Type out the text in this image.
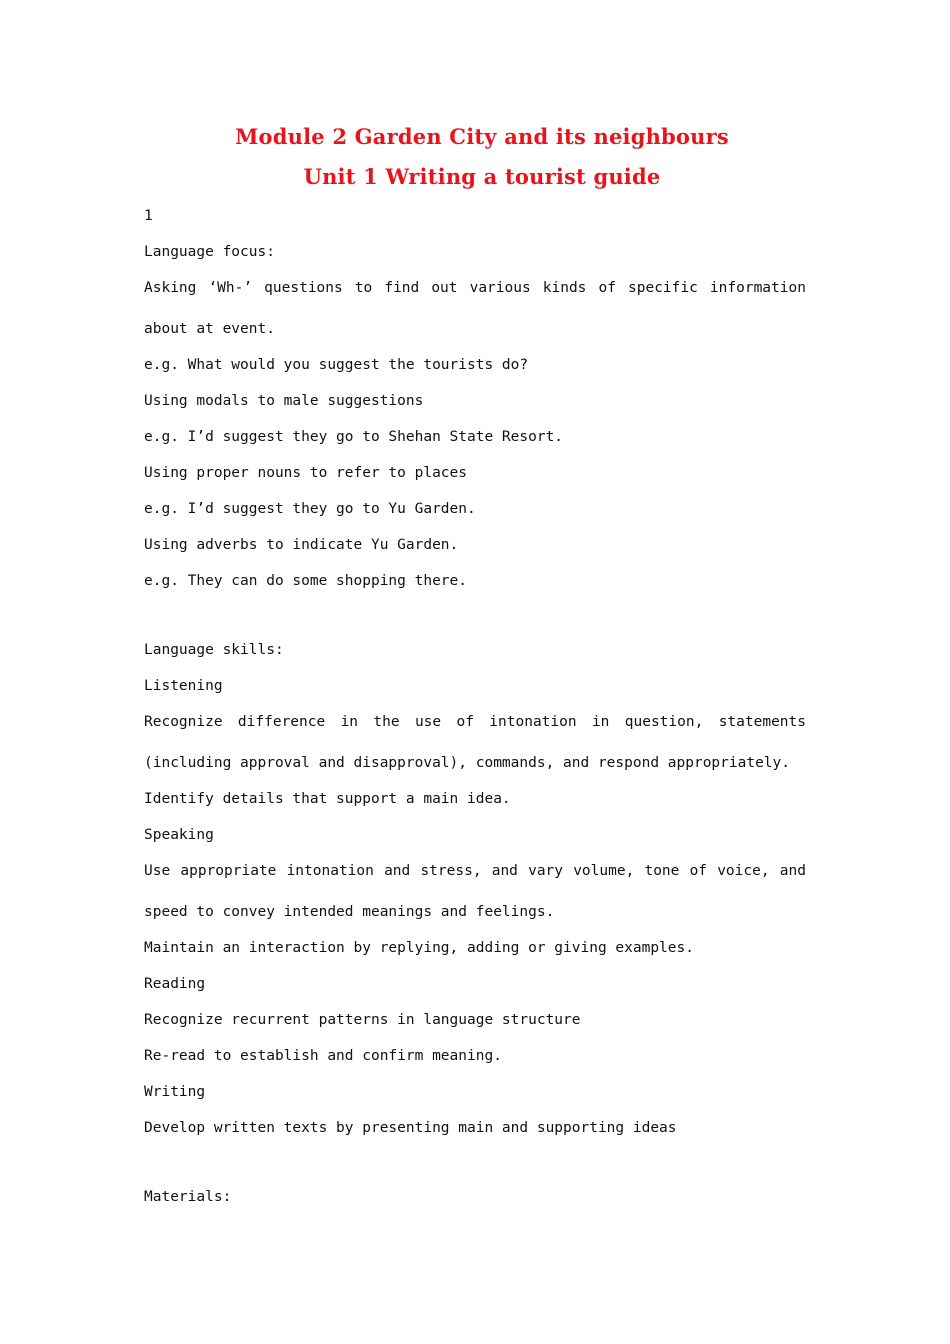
Module 2 Garden City and its neighbours
Unit 1 Writing a tourist guide
1
Language focus:
Asking ‘Wh-’ questions to find out various kinds of specific information
about at event.
e.g. What would you suggest the tourists do?
Using modals to male suggestions
e.g. I’d suggest they go to Shehan State Resort.
Using proper nouns to refer to places
e.g. I’d suggest they go to Yu Garden.
Using adverbs to indicate Yu Garden.
e.g. They can do some shopping there.
Language skills:
Listening
Recognize difference in the use of intonation in question, statements
(including approval and disapproval), commands, and respond appropriately.
Identify details that support a main idea.
Speaking
Use appropriate intonation and stress, and vary volume, tone of voice, and
speed to convey intended meanings and feelings.
Maintain an interaction by replying, adding or giving examples.
Reading
Recognize recurrent patterns in language structure
Re-read to establish and confirm meaning.
Writing
Develop written texts by presenting main and supporting ideas
Materials:
